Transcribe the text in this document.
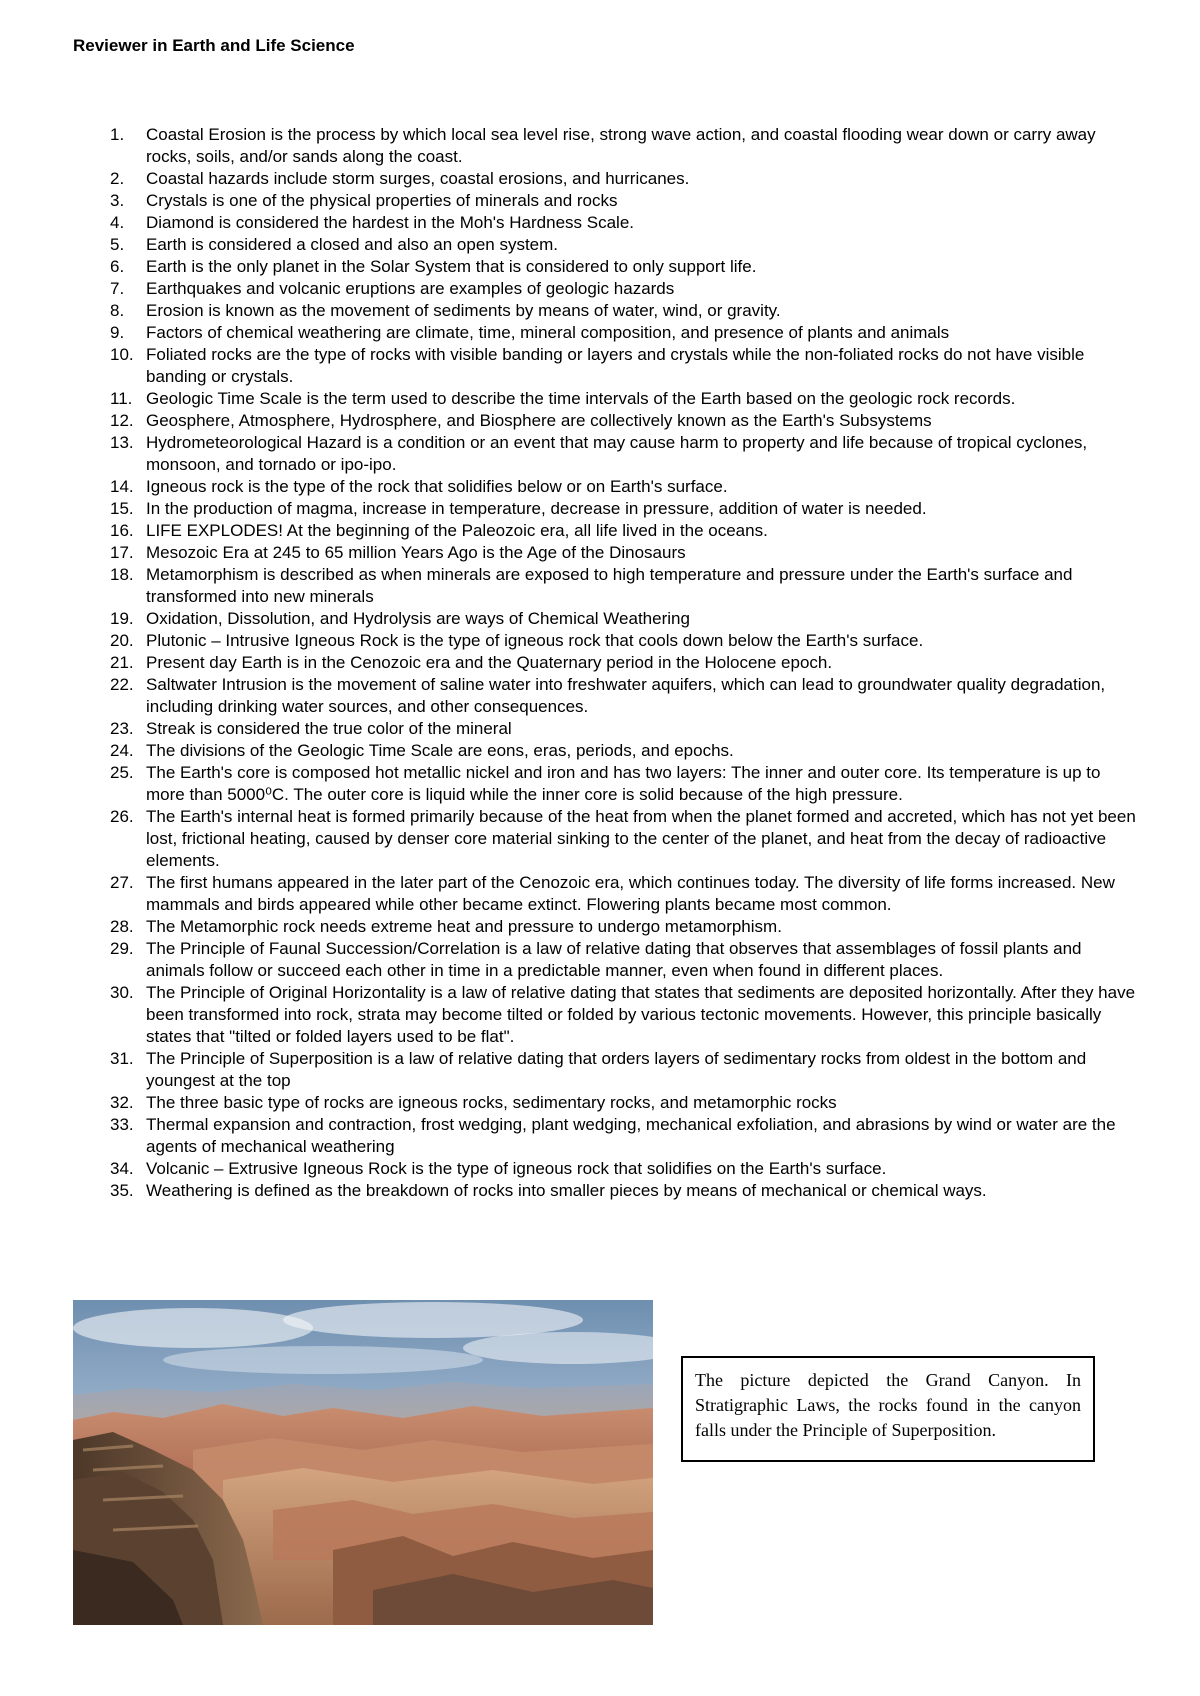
Reviewer in Earth and Life Science
1.	Coastal Erosion is the process by which local sea level rise, strong wave action, and coastal flooding wear down or carry away rocks, soils, and/or sands along the coast.
2.	Coastal hazards include storm surges, coastal erosions, and hurricanes.
3.	Crystals is one of the physical properties of minerals and rocks
4.	Diamond is considered the hardest in the Moh's Hardness Scale.
5.	Earth is considered a closed and also an open system.
6.	Earth is the only planet in the Solar System that is considered to only support life.
7.	Earthquakes and volcanic eruptions are examples of geologic hazards
8.	Erosion is known as the movement of sediments by means of water, wind, or gravity.
9.	Factors of chemical weathering are climate, time, mineral composition, and presence of plants and animals
10. Foliated rocks are the type of rocks with visible banding or layers and crystals while the non-foliated rocks do not have visible banding or crystals.
11. Geologic Time Scale is the term used to describe the time intervals of the Earth based on the geologic rock records.
12. Geosphere, Atmosphere, Hydrosphere, and Biosphere are collectively known as the Earth's Subsystems
13. Hydrometeorological Hazard is a condition or an event that may cause harm to property and life because of tropical cyclones, monsoon, and tornado or ipo-ipo.
14. Igneous rock is the type of the rock that solidifies below or on Earth's surface.
15. In the production of magma, increase in temperature, decrease in pressure, addition of water is needed.
16. LIFE EXPLODES! At the beginning of the Paleozoic era, all life lived in the oceans.
17. Mesozoic Era at 245 to 65 million Years Ago is the Age of the Dinosaurs
18. Metamorphism is described as when minerals are exposed to high temperature and pressure under the Earth's surface and transformed into new minerals
19. Oxidation, Dissolution, and Hydrolysis are ways of Chemical Weathering
20. Plutonic – Intrusive Igneous Rock is the type of igneous rock that cools down below the Earth's surface.
21. Present day Earth is in the Cenozoic era and the Quaternary period in the Holocene epoch.
22. Saltwater Intrusion is the movement of saline water into freshwater aquifers, which can lead to groundwater quality degradation, including drinking water sources, and other consequences.
23. Streak is considered the true color of the mineral
24. The divisions of the Geologic Time Scale are eons, eras, periods, and epochs.
25. The Earth's core is composed hot metallic nickel and iron and has two layers: The inner and outer core. Its temperature is up to more than 5000⁰C. The outer core is liquid while the inner core is solid because of the high pressure.
26. The Earth's internal heat is formed primarily because of the heat from when the planet formed and accreted, which has not yet been lost, frictional heating, caused by denser core material sinking to the center of the planet, and heat from the decay of radioactive elements.
27. The first humans appeared in the later part of the Cenozoic era, which continues today. The diversity of life forms increased. New mammals and birds appeared while other became extinct. Flowering plants became most common.
28. The Metamorphic rock needs extreme heat and pressure to undergo metamorphism.
29. The Principle of Faunal Succession/Correlation is a law of relative dating that observes that assemblages of fossil plants and animals follow or succeed each other in time in a predictable manner, even when found in different places.
30. The Principle of Original Horizontality is a law of relative dating that states that sediments are deposited horizontally. After they have been transformed into rock, strata may become tilted or folded by various tectonic movements. However, this principle basically states that "tilted or folded layers used to be flat".
31. The Principle of Superposition is a law of relative dating that orders layers of sedimentary rocks from oldest in the bottom and youngest at the top
32. The three basic type of rocks are igneous rocks, sedimentary rocks, and metamorphic rocks
33. Thermal expansion and contraction, frost wedging, plant wedging, mechanical exfoliation, and abrasions by wind or water are the agents of mechanical weathering
34. Volcanic – Extrusive Igneous Rock is the type of igneous rock that solidifies on the Earth's surface.
35. Weathering is defined as the breakdown of rocks into smaller pieces by means of mechanical or chemical ways.

The picture depicted the Grand Canyon. In Stratigraphic Laws, the rocks found in the canyon falls under the Principle of Superposition.
